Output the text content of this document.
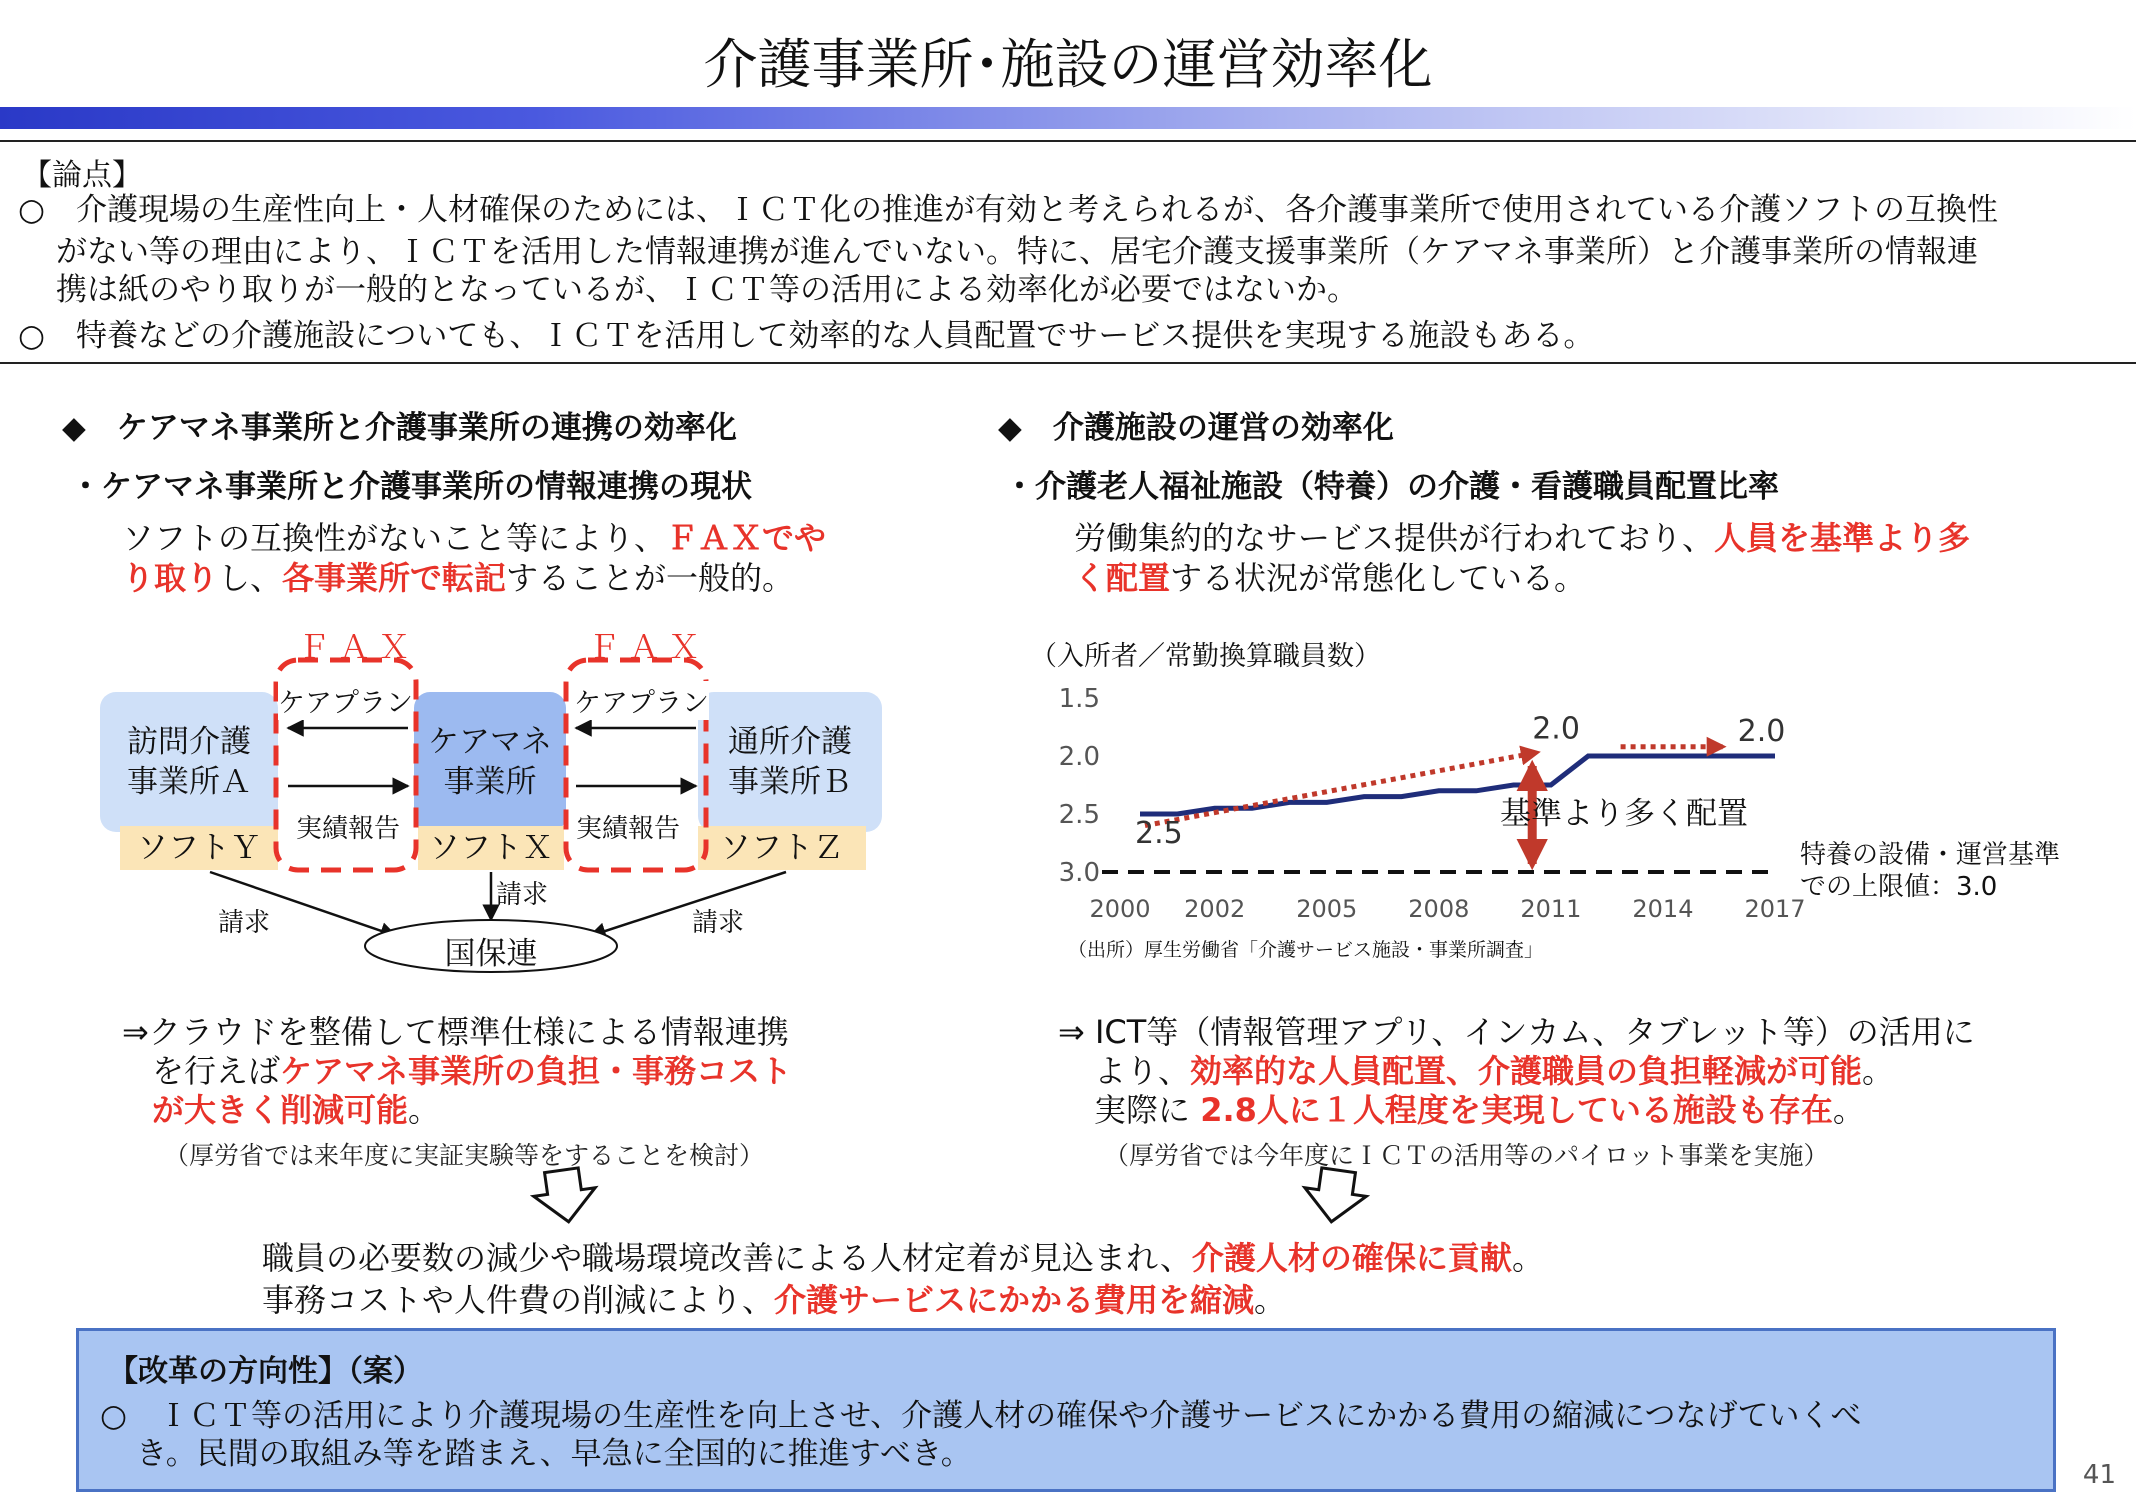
介護事業所･施設の運営効率化
【論点】
○　介護現場の生産性向上・人材確保のためには、ＩＣＴ化の推進が有効と考えられるが、各介護事業所で使用されている介護ソフトの互換性
がない等の理由により、ＩＣＴを活用した情報連携が進んでいない。特に、居宅介護支援事業所（ケアマネ事業所）と介護事業所の情報連
携は紙のやり取りが一般的となっているが、ＩＣＴ等の活用による効率化が必要ではないか。
○　特養などの介護施設についても、ＩＣＴを活用して効率的な人員配置でサービス提供を実現する施設もある。
◆　ケアマネ事業所と介護事業所の連携の効率化
・ケアマネ事業所と介護事業所の情報連携の現状
ソフトの互換性がないこと等により、ＦＡＸでや
り取りし、各事業所で転記することが一般的。
訪問介護
事業所Ａ
ソフトＹ
ケアマネ
事業所
ソフトＸ
通所介護
事業所Ｂ
ソフトＺ
ＦＡＸ	ＦＡＸ
ケアプラン	ケアプラン
実績報告	実績報告
請求
請求
請求
国保連
⇒クラウドを整備して標準仕様による情報連携
を行えばケアマネ事業所の負担・事務コスト
が大きく削減可能。
（厚労省では来年度に実証実験等をすることを検討）
◆　介護施設の運営の効率化
・介護老人福祉施設（特養）の介護・看護職員配置比率
労働集約的なサービス提供が行われており、人員を基準より多
く配置する状況が常態化している。
（入所者／常勤換算職員数）
1.5
2.0
2.5
3.0
2000 2002 2005 2008 2011 2014 2017
2.5
2.0	2.0
基準より多く配置
特養の設備・運営基準
での上限値：3.0
（出所）厚生労働省「介護サービス施設・事業所調査」
⇒ ICT等（情報管理アプリ、インカム、タブレット等）の活用に
より、効率的な人員配置、介護職員の負担軽減が可能。
実際に 2.8人に１人程度を実現している施設も存在。
（厚労省では今年度にＩＣＴの活用等のパイロット事業を実施）
職員の必要数の減少や職場環境改善による人材定着が見込まれ、介護人材の確保に貢献。
事務コストや人件費の削減により、介護サービスにかかる費用を縮減。
【改革の方向性】（案）
○　ＩＣＴ等の活用により介護現場の生産性を向上させ、介護人材の確保や介護サービスにかかる費用の縮減につなげていくべ
き。民間の取組み等を踏まえ、早急に全国的に推進すべき。
41
